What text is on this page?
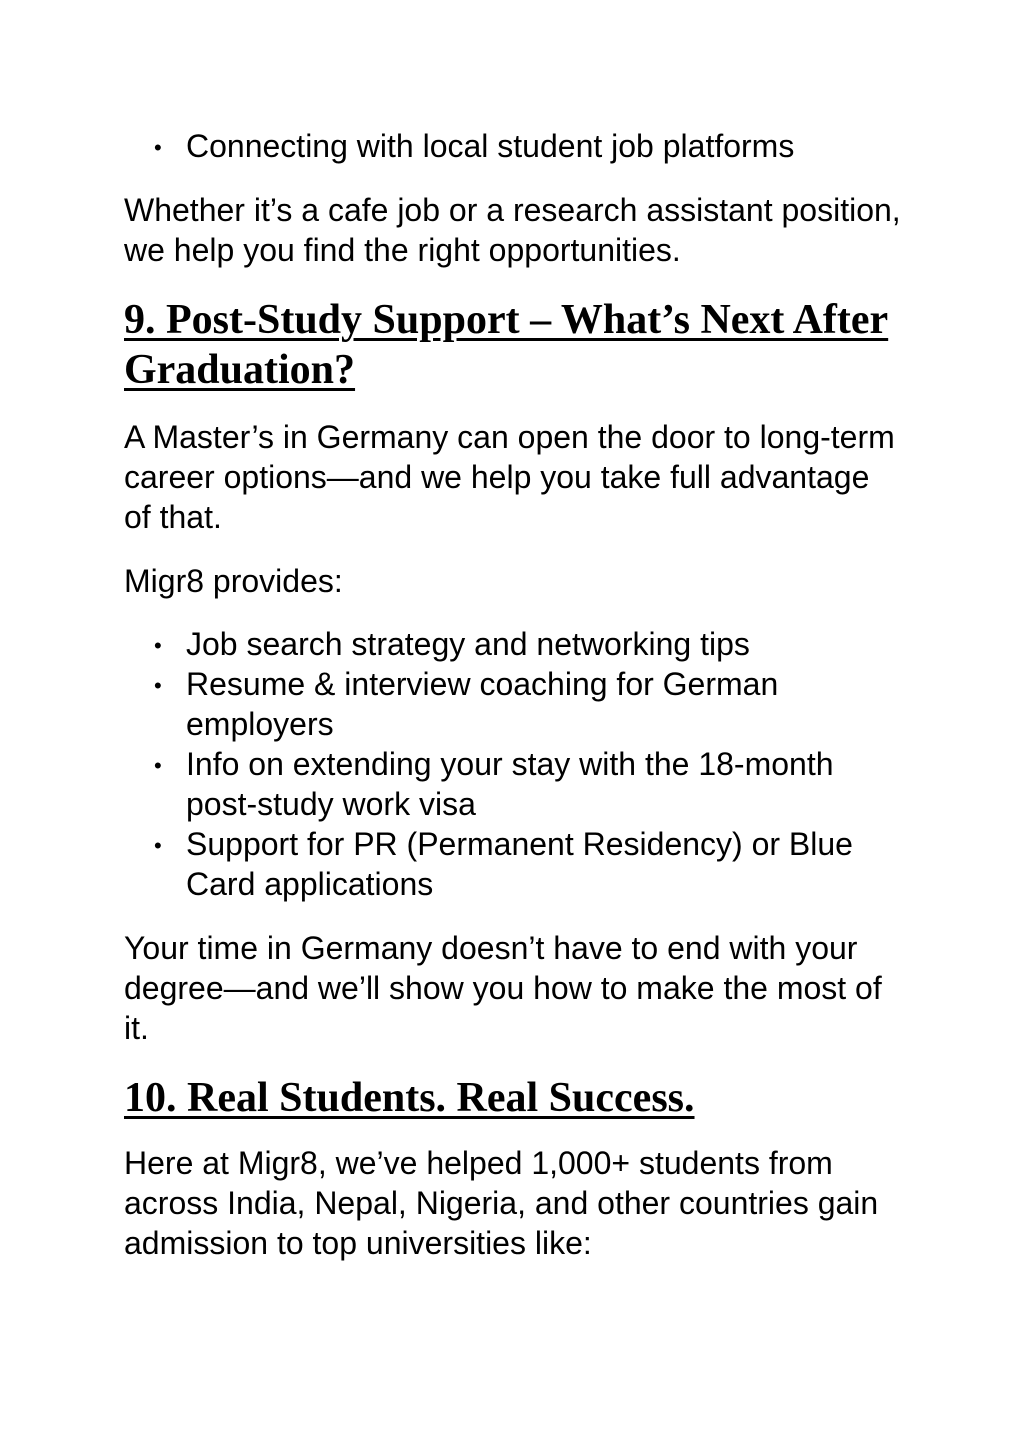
• Connecting with local student job platforms

Whether it’s a cafe job or a research assistant position, we help you find the right opportunities.

9. Post-Study Support – What’s Next After Graduation?

A Master’s in Germany can open the door to long-term career options—and we help you take full advantage of that.

Migr8 provides:

• Job search strategy and networking tips
• Resume & interview coaching for German employers
• Info on extending your stay with the 18-month post-study work visa
• Support for PR (Permanent Residency) or Blue Card applications

Your time in Germany doesn’t have to end with your degree—and we’ll show you how to make the most of it.

10. Real Students. Real Success.

Here at Migr8, we’ve helped 1,000+ students from across India, Nepal, Nigeria, and other countries gain admission to top universities like:
